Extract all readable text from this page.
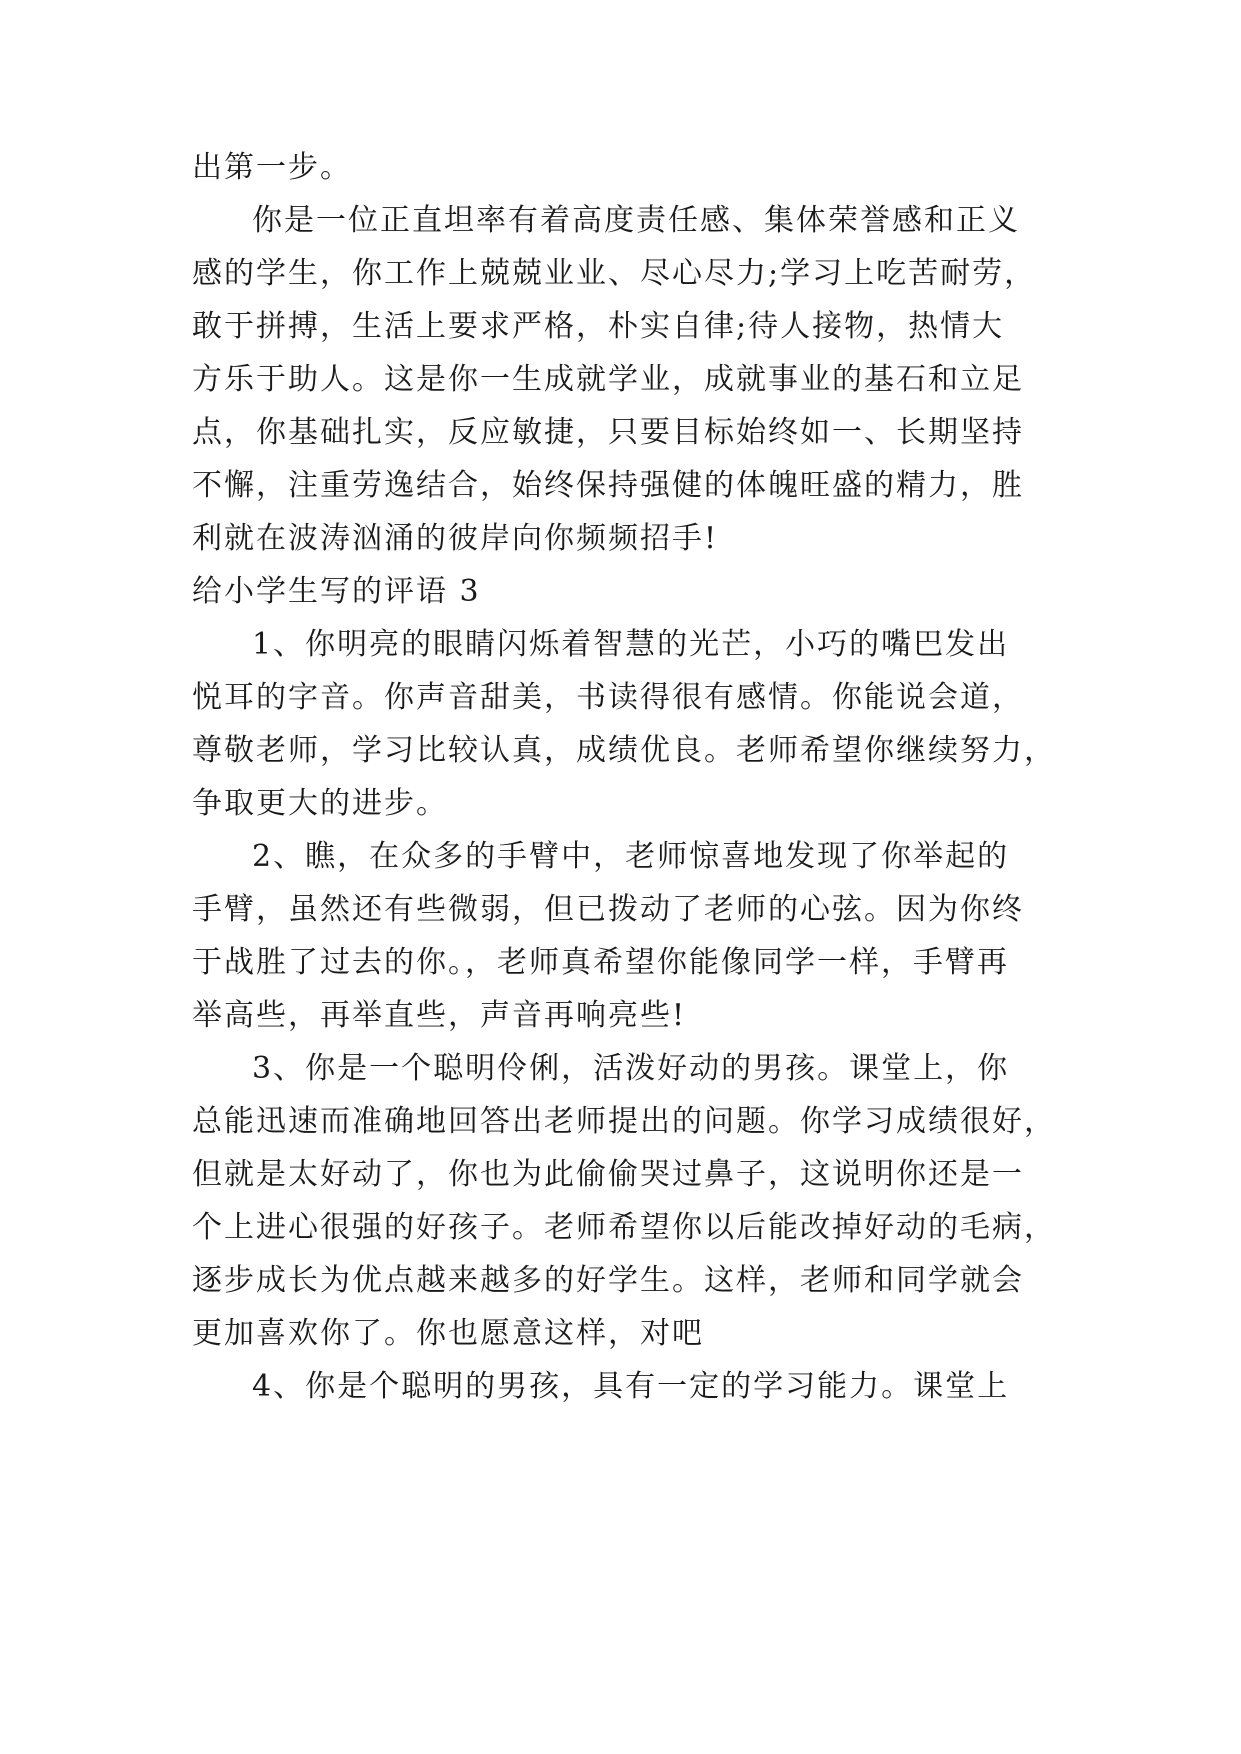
出第一步。
你是一位正直坦率有着高度责任感、集体荣誉感和正义
感的学生，你工作上兢兢业业、尽心尽力;学习上吃苦耐劳，
敢于拼搏，生活上要求严格，朴实自律;待人接物，热情大
方乐于助人。这是你一生成就学业，成就事业的基石和立足
点，你基础扎实，反应敏捷，只要目标始终如一、长期坚持
不懈，注重劳逸结合，始终保持强健的体魄旺盛的精力，胜
利就在波涛汹涌的彼岸向你频频招手!
给小学生写的评语 3
1、你明亮的眼睛闪烁着智慧的光芒，小巧的嘴巴发出
悦耳的字音。你声音甜美，书读得很有感情。你能说会道，
尊敬老师，学习比较认真，成绩优良。老师希望你继续努力，
争取更大的进步。
2、瞧，在众多的手臂中，老师惊喜地发现了你举起的
手臂，虽然还有些微弱，但已拨动了老师的心弦。因为你终
于战胜了过去的你。，老师真希望你能像同学一样，手臂再
举高些，再举直些，声音再响亮些!
3、你是一个聪明伶俐，活泼好动的男孩。课堂上，你
总能迅速而准确地回答出老师提出的问题。你学习成绩很好，
但就是太好动了，你也为此偷偷哭过鼻子，这说明你还是一
个上进心很强的好孩子。老师希望你以后能改掉好动的毛病，
逐步成长为优点越来越多的好学生。这样，老师和同学就会
更加喜欢你了。你也愿意这样，对吧
4、你是个聪明的男孩，具有一定的学习能力。课堂上
